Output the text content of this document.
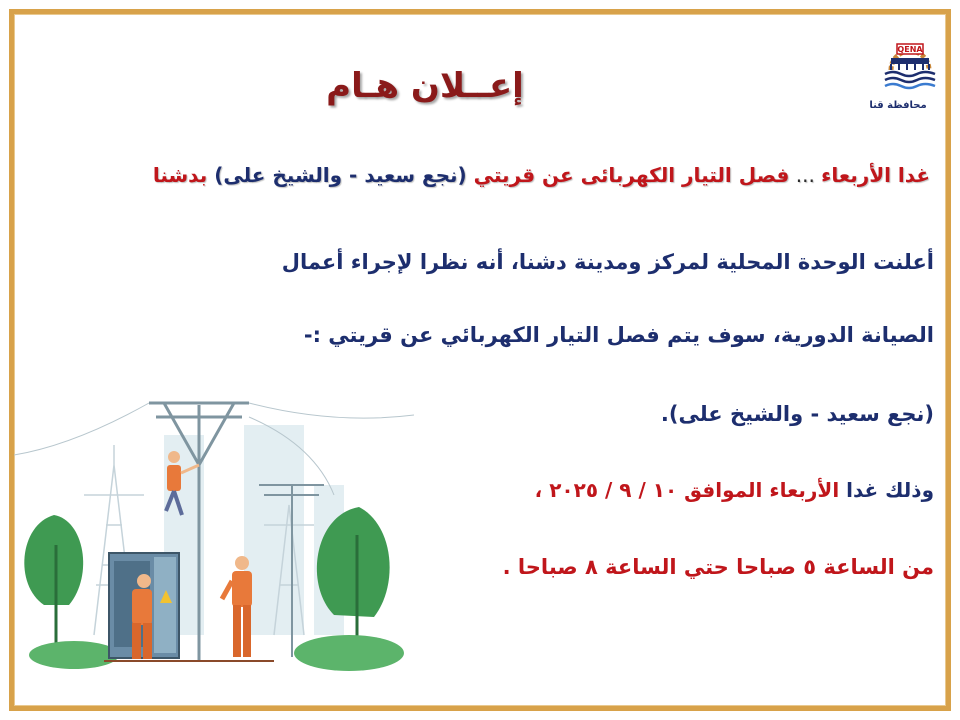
QENA
محافظة قنا
إعــلان هـام
غدا الأربعاء ... فصل التيار الكهربائى عن قريتي (نجع سعيد - والشيخ على) بدشنا
أعلنت الوحدة المحلية لمركز ومدينة دشنا، أنه نظرا لإجراء أعمال
الصيانة الدورية، سوف يتم فصل التيار الكهربائي عن قريتي :-
(نجع سعيد - والشيخ على).
وذلك غدا الأربعاء الموافق ١٠ / ٩ / ٢٠٢٥ ،
من الساعة ٥ صباحا حتي الساعة ٨ صباحا .
